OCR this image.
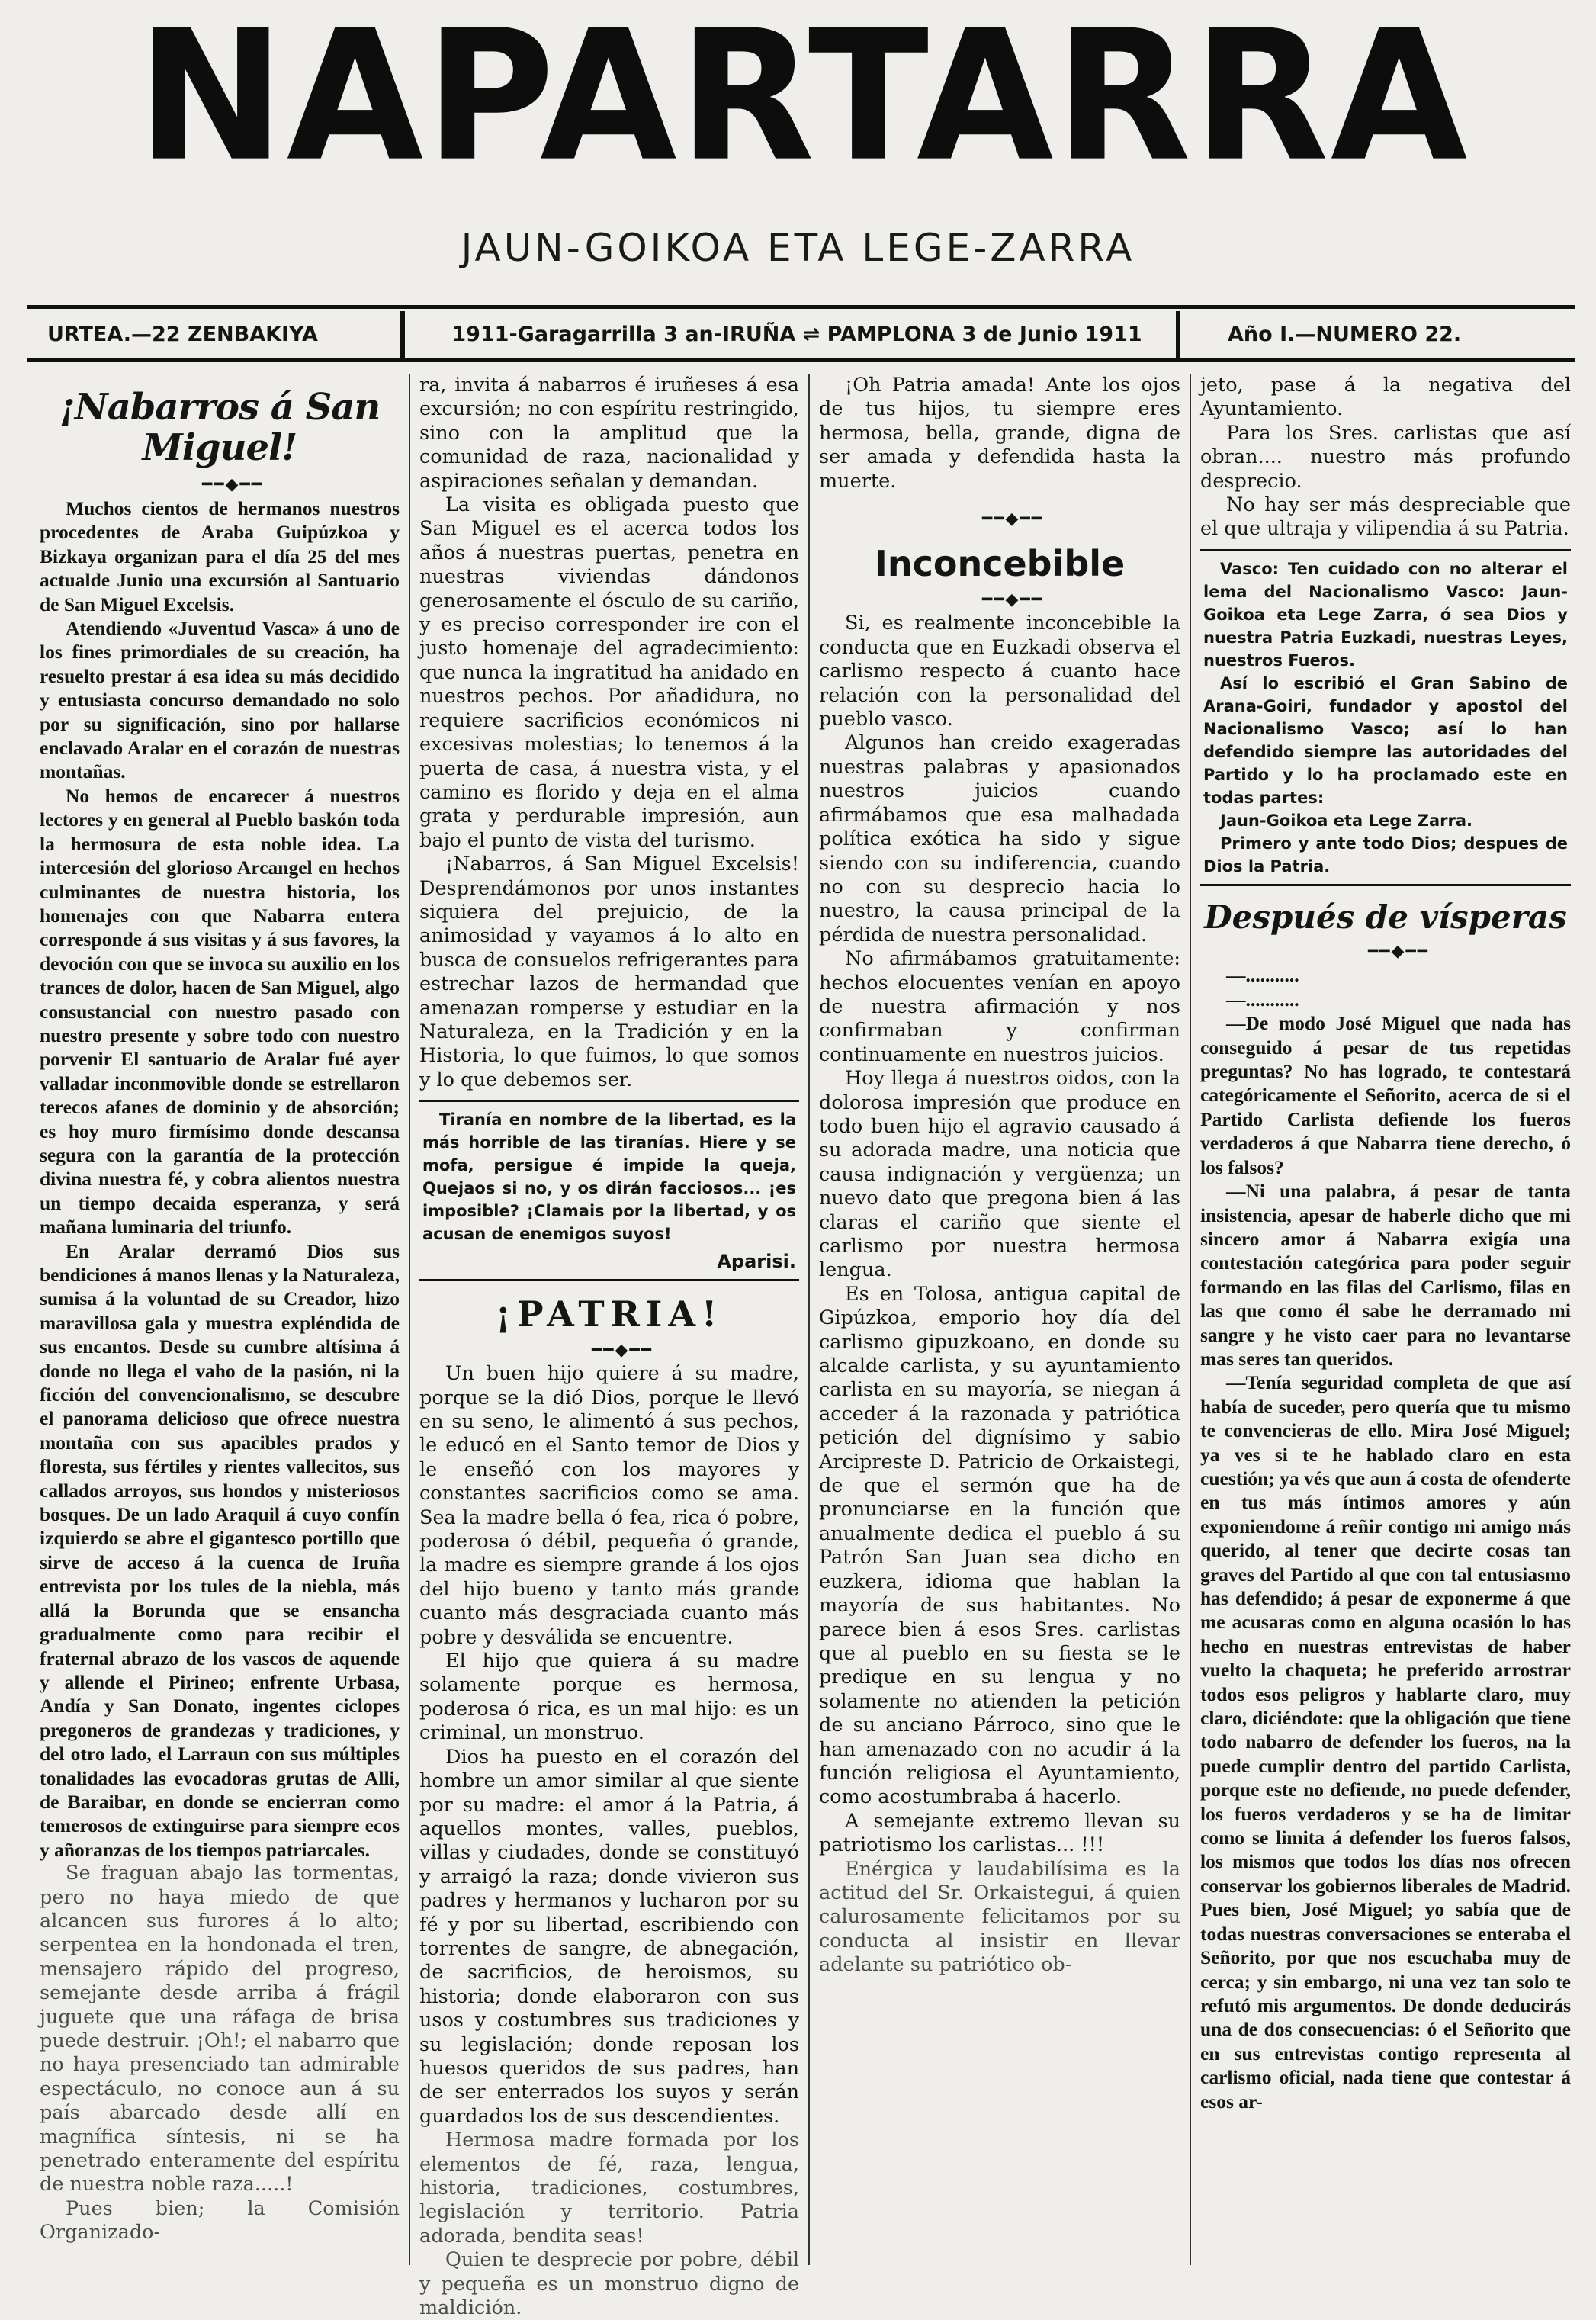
NAPARTARRA
JAUN-GOIKOA ETA LEGE-ZARRA
URTEA.—22 ZENBAKIYA	1911-Garagarrilla 3 an-IRUÑA ⇌ PAMPLONA 3 de Junio 1911	Año I.—NUMERO 22.

¡Nabarros á San Miguel!

━━◆━━

Muchos cientos de hermanos nuestros procedentes de Araba Guipúzkoa y Bizkaya organizan para el día 25 del mes actualde Junio una excursión al Santuario de San Miguel Excelsis.

Atendiendo «Juventud Vasca» á uno de los fines primordiales de su creación, ha resuelto prestar á esa idea su más decidido y entusiasta concurso demandado no solo por su significación, sino por hallarse enclavado Aralar en el corazón de nuestras montañas.

No hemos de encarecer á nuestros lectores y en general al Pueblo baskón toda la hermosura de esta noble idea. La intercesión del glorioso Arcangel en hechos culminantes de nuestra historia, los homenajes con que Nabarra entera corresponde á sus visitas y á sus favores, la devoción con que se invoca su auxilio en los trances de dolor, hacen de San Miguel, algo consustancial con nuestro pasado con nuestro presente y sobre todo con nuestro porvenir El santuario de Aralar fué ayer valladar inconmovible donde se estrellaron terecos afanes de dominio y de absorción; es hoy muro firmísimo donde descansa segura con la garantía de la protección divina nuestra fé, y cobra alientos nuestra un tiempo decaida esperanza, y será mañana luminaria del triunfo.

En Aralar derramó Dios sus bendiciones á manos llenas y la Naturaleza, sumisa á la voluntad de su Creador, hizo maravillosa gala y muestra expléndida de sus encantos. Desde su cumbre altísima á donde no llega el vaho de la pasión, ni la ficción del convencionalismo, se descubre el panorama delicioso que ofrece nuestra montaña con sus apacibles prados y floresta, sus fértiles y rientes vallecitos, sus callados arroyos, sus hondos y misteriosos bosques. De un lado Araquil á cuyo confín izquierdo se abre el gigantesco portillo que sirve de acceso á la cuenca de Iruña entrevista por los tules de la niebla, más allá la Borunda que se ensancha gradualmente como para recibir el fraternal abrazo de los vascos de aquende y allende el Pirineo; enfrente Urbasa, Andía y San Donato, ingentes ciclopes pregoneros de grandezas y tradiciones, y del otro lado, el Larraun con sus múltiples tonalidades las evocadoras grutas de Alli, de Baraibar, en donde se encierran como temerosos de extinguirse para siempre ecos y añoranzas de los tiempos patriarcales.

Se fraguan abajo las tormentas, pero no haya miedo de que alcancen sus furores á lo alto; serpentea en la hondonada el tren, mensajero rápido del progreso, semejante desde arriba á frágil juguete que una ráfaga de brisa puede destruir. ¡Oh!; el nabarro que no haya presenciado tan admirable espectáculo, no conoce aun á su país abarcado desde allí en magnífica síntesis, ni se ha penetrado enteramente del espíritu de nuestra noble raza.....!

Pues bien; la Comisión Organizado-

ra, invita á nabarros é iruñeses á esa excursión; no con espíritu restringido, sino con la amplitud que la comunidad de raza, nacionalidad y aspiraciones señalan y demandan.

La visita es obligada puesto que San Miguel es el acerca todos los años á nuestras puertas, penetra en nuestras viviendas dándonos generosamente el ósculo de su cariño, y es preciso corresponder ire con el justo homenaje del agradecimiento: que nunca la ingratitud ha anidado en nuestros pechos. Por añadidura, no requiere sacrificios económicos ni excesivas molestias; lo tenemos á la puerta de casa, á nuestra vista, y el camino es florido y deja en el alma grata y perdurable impresión, aun bajo el punto de vista del turismo.

¡Nabarros, á San Miguel Excelsis! Desprendámonos por unos instantes siquiera del prejuicio, de la animosidad y vayamos á lo alto en busca de consuelos refrigerantes para estrechar lazos de hermandad que amenazan romperse y estudiar en la Naturaleza, en la Tradición y en la Historia, lo que fuimos, lo que somos y lo que debemos ser.

Tiranía en nombre de la libertad, es la más horrible de las tiranías. Hiere y se mofa, persigue é impide la queja, Quejaos si no, y os dirán facciosos... ¡es imposible? ¡Clamais por la libertad, y os acusan de enemigos suyos!

Aparisi.

¡PATRIA!

━━◆━━

Un buen hijo quiere á su madre, porque se la dió Dios, porque le llevó en su seno, le alimentó á sus pechos, le educó en el Santo temor de Dios y le enseñó con los mayores y constantes sacrificios como se ama. Sea la madre bella ó fea, rica ó pobre, poderosa ó débil, pequeña ó grande, la madre es siempre grande á los ojos del hijo bueno y tanto más grande cuanto más desgraciada cuanto más pobre y desválida se encuentre.

El hijo que quiera á su madre solamente porque es hermosa, poderosa ó rica, es un mal hijo: es un criminal, un monstruo.

Dios ha puesto en el corazón del hombre un amor similar al que siente por su madre: el amor á la Patria, á aquellos montes, valles, pueblos, villas y ciudades, donde se constituyó y arraigó la raza; donde vivieron sus padres y hermanos y lucharon por su fé y por su libertad, escribiendo con torrentes de sangre, de abnegación, de sacrificios, de heroismos, su historia; donde elaboraron con sus usos y costumbres sus tradiciones y su legislación; donde reposan los huesos queridos de sus padres, han de ser enterrados los suyos y serán guardados los de sus descendientes.

Hermosa madre formada por los elementos de fé, raza, lengua, historia, tradiciones, costumbres, legislación y territorio. Patria adorada, bendita seas!

Quien te desprecie por pobre, débil y pequeña es un monstruo digno de maldición.

¡Oh Patria amada! Ante los ojos de tus hijos, tu siempre eres hermosa, bella, grande, digna de ser amada y defendida hasta la muerte.

━━◆━━

Inconcebible

━━◆━━

Si, es realmente inconcebible la conducta que en Euzkadi observa el carlismo respecto á cuanto hace relación con la personalidad del pueblo vasco.

Algunos han creido exageradas nuestras palabras y apasionados nuestros juicios cuando afirmábamos que esa malhadada política exótica ha sido y sigue siendo con su indiferencia, cuando no con su desprecio hacia lo nuestro, la causa principal de la pérdida de nuestra personalidad.

No afirmábamos gratuitamente: hechos elocuentes venían en apoyo de nuestra afirmación y nos confirmaban y confirman continuamente en nuestros juicios.

Hoy llega á nuestros oidos, con la dolorosa impresión que produce en todo buen hijo el agravio causado á su adorada madre, una noticia que causa indignación y vergüenza; un nuevo dato que pregona bien á las claras el cariño que siente el carlismo por nuestra hermosa lengua.

Es en Tolosa, antigua capital de Gipúzkoa, emporio hoy día del carlismo gipuzkoano, en donde su alcalde carlista, y su ayuntamiento carlista en su mayoría, se niegan á acceder á la razonada y patriótica petición del dignísimo y sabio Arcipreste D. Patricio de Orkaistegi, de que el sermón que ha de pronunciarse en la función que anualmente dedica el pueblo á su Patrón San Juan sea dicho en euzkera, idioma que hablan la mayoría de sus habitantes. No parece bien á esos Sres. carlistas que al pueblo en su fiesta se le predique en su lengua y no solamente no atienden la petición de su anciano Párroco, sino que le han amenazado con no acudir á la función religiosa el Ayuntamiento, como acostumbraba á hacerlo.

A semejante extremo llevan su patriotismo los carlistas... !!!

Enérgica y laudabilísima es la actitud del Sr. Orkaistegui, á quien calurosamente felicitamos por su conducta al insistir en llevar adelante su patriótico ob-

jeto, pase á la negativa del Ayuntamiento.

Para los Sres. carlistas que así obran.... nuestro más profundo desprecio.

No hay ser más despreciable que el que ultraja y vilipendia á su Patria.

Vasco: Ten cuidado con no alterar el lema del Nacionalismo Vasco: Jaun-Goikoa eta Lege Zarra, ó sea Dios y nuestra Patria Euzkadi, nuestras Leyes, nuestros Fueros.

Así lo escribió el Gran Sabino de Arana-Goiri, fundador y apostol del Nacionalismo Vasco; así lo han defendido siempre las autoridades del Partido y lo ha proclamado este en todas partes:

Jaun-Goikoa eta Lege Zarra.

Primero y ante todo Dios; despues de Dios la Patria.

Después de vísperas

━━◆━━

—...........

—...........

—De modo José Miguel que nada has conseguido á pesar de tus repetidas preguntas? No has logrado, te contestará categóricamente el Señorito, acerca de si el Partido Carlista defiende los fueros verdaderos á que Nabarra tiene derecho, ó los falsos?

—Ni una palabra, á pesar de tanta insistencia, apesar de haberle dicho que mi sincero amor á Nabarra exigía una contestación categórica para poder seguir formando en las filas del Carlismo, filas en las que como él sabe he derramado mi sangre y he visto caer para no levantarse mas seres tan queridos.

—Tenía seguridad completa de que así había de suceder, pero quería que tu mismo te convencieras de ello. Mira José Miguel; ya ves si te he hablado claro en esta cuestión; ya vés que aun á costa de ofenderte en tus más íntimos amores y aún exponiendome á reñir contigo mi amigo más querido, al tener que decirte cosas tan graves del Partido al que con tal entusiasmo has defendido; á pesar de exponerme á que me acusaras como en alguna ocasión lo has hecho en nuestras entrevistas de haber vuelto la chaqueta; he preferido arrostrar todos esos peligros y hablarte claro, muy claro, diciéndote: que la obligación que tiene todo nabarro de defender los fueros, na la puede cumplir dentro del partido Carlista, porque este no defiende, no puede defender, los fueros verdaderos y se ha de limitar como se limita á defender los fueros falsos, los mismos que todos los días nos ofrecen conservar los gobiernos liberales de Madrid. Pues bien, José Miguel; yo sabía que de todas nuestras conversaciones se enteraba el Señorito, por que nos escuchaba muy de cerca; y sin embargo, ni una vez tan solo te refutó mis argumentos. De donde deducirás una de dos consecuencias: ó el Señorito que en sus entrevistas contigo representa al carlismo oficial, nada tiene que contestar á esos ar-
